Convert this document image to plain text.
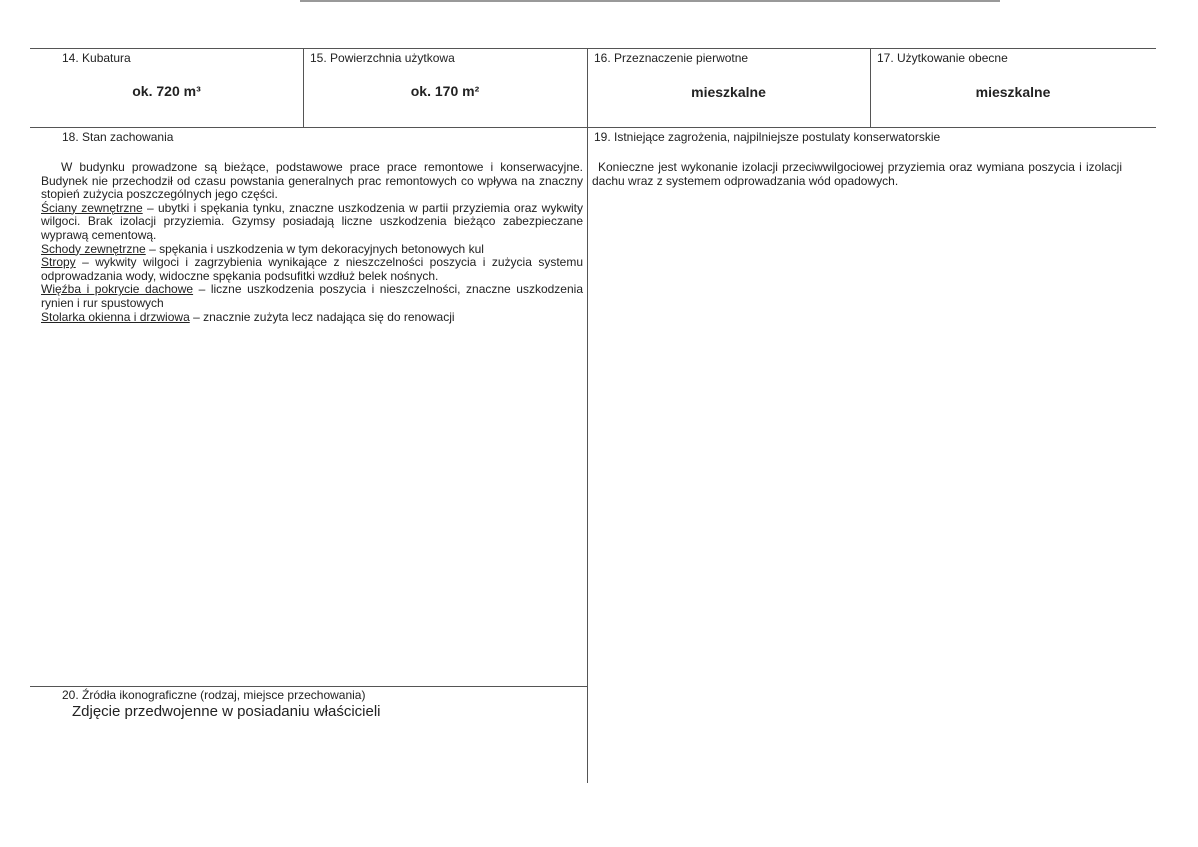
14. Kubatura
ok. 720 m³
15. Powierzchnia użytkowa
ok. 170 m²
16. Przeznaczenie pierwotne
mieszkalne
17. Użytkowanie obecne
mieszkalne
18. Stan zachowania

W budynku prowadzone są bieżące, podstawowe prace prace remontowe i konserwacyjne. Budynek nie przechodził od czasu powstania generalnych prac remontowych co wpływa na znaczny stopień zużycia poszczególnych jego części.

Ściany zewnętrzne – ubytki i spękania tynku, znaczne uszkodzenia w partii przyziemia oraz wykwity wilgoci. Brak izolacji przyziemia. Gzymsy posiadają liczne uszkodzenia bieżąco zabezpieczane wyprawą cementową.

Schody zewnętrzne – spękania i uszkodzenia w tym dekoracyjnych betonowych kul

Stropy – wykwity wilgoci i zagrzybienia wynikające z nieszczelności poszycia i zużycia systemu odprowadzania wody, widoczne spękania podsufitki wzdłuż belek nośnych.

Więźba i pokrycie dachowe – liczne uszkodzenia poszycia i nieszczelności, znaczne uszkodzenia rynien i rur spustowych

Stolarka okienna i drzwiowa – znacznie zużyta lecz nadająca się do renowacji

19. Istniejące zagrożenia, najpilniejsze postulaty konserwatorskie
Konieczne jest wykonanie izolacji przeciwwilgociowej przyziemia oraz wymiana poszycia i izolacji dachu wraz z systemem odprowadzania wód opadowych.
20. Źródła ikonograficzne (rodzaj, miejsce przechowania)
Zdjęcie przedwojenne w posiadaniu właścicieli
